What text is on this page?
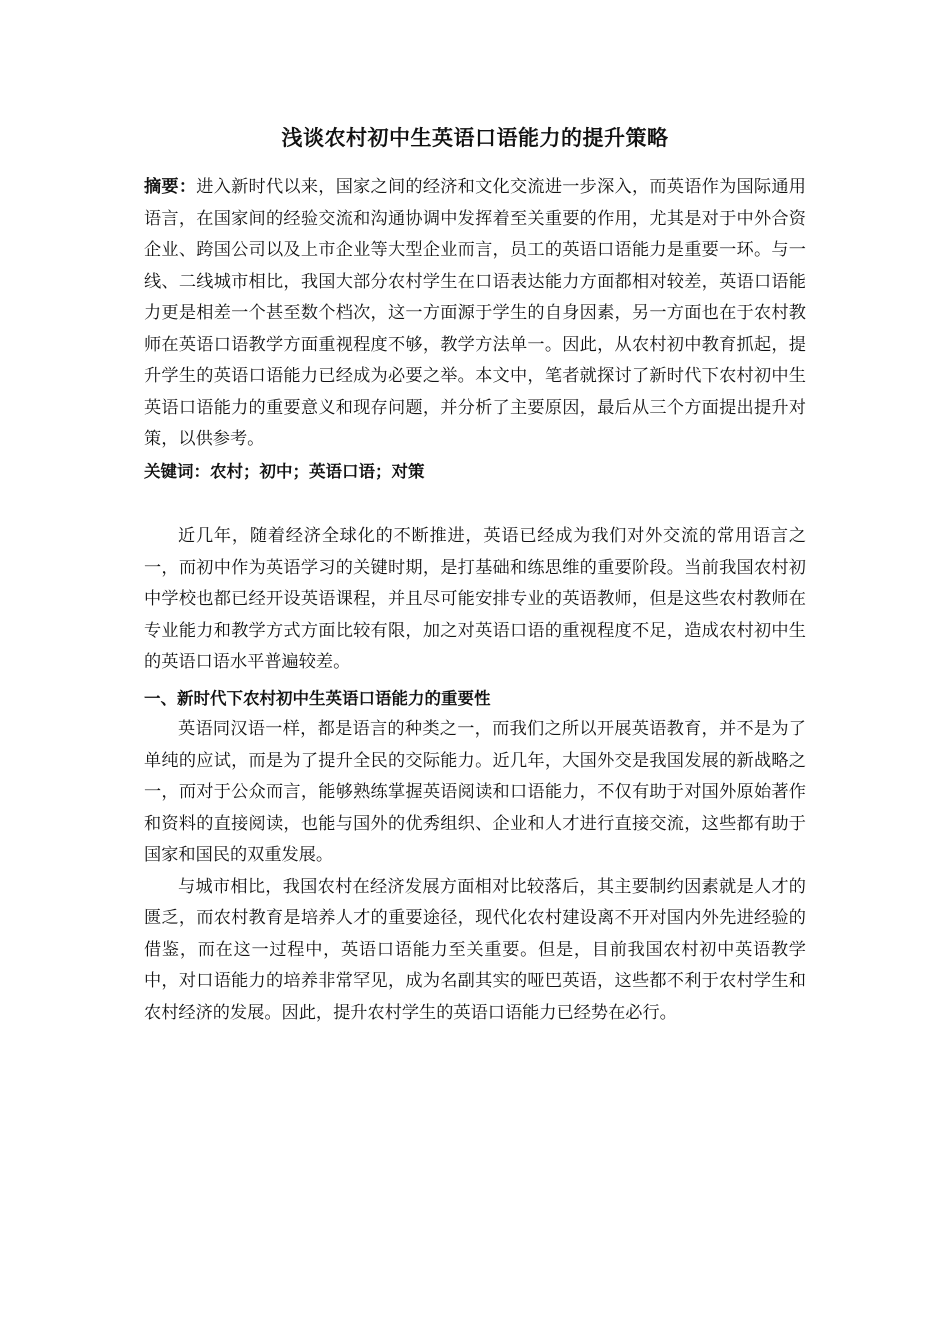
浅谈农村初中生英语口语能力的提升策略

摘要：进入新时代以来，国家之间的经济和文化交流进一步深入，而英语作为国际通用语言，在国家间的经验交流和沟通协调中发挥着至关重要的作用，尤其是对于中外合资企业、跨国公司以及上市企业等大型企业而言，员工的英语口语能力是重要一环。与一线、二线城市相比，我国大部分农村学生在口语表达能力方面都相对较差，英语口语能力更是相差一个甚至数个档次，这一方面源于学生的自身因素，另一方面也在于农村教师在英语口语教学方面重视程度不够，教学方法单一。因此，从农村初中教育抓起，提升学生的英语口语能力已经成为必要之举。本文中，笔者就探讨了新时代下农村初中生英语口语能力的重要意义和现存问题，并分析了主要原因，最后从三个方面提出提升对策，以供参考。

关键词：农村；初中；英语口语；对策

近几年，随着经济全球化的不断推进，英语已经成为我们对外交流的常用语言之一，而初中作为英语学习的关键时期，是打基础和练思维的重要阶段。当前我国农村初中学校也都已经开设英语课程，并且尽可能安排专业的英语教师，但是这些农村教师在专业能力和教学方式方面比较有限，加之对英语口语的重视程度不足，造成农村初中生的英语口语水平普遍较差。

一、新时代下农村初中生英语口语能力的重要性

英语同汉语一样，都是语言的种类之一，而我们之所以开展英语教育，并不是为了单纯的应试，而是为了提升全民的交际能力。近几年，大国外交是我国发展的新战略之一，而对于公众而言，能够熟练掌握英语阅读和口语能力，不仅有助于对国外原始著作和资料的直接阅读，也能与国外的优秀组织、企业和人才进行直接交流，这些都有助于国家和国民的双重发展。

与城市相比，我国农村在经济发展方面相对比较落后，其主要制约因素就是人才的匮乏，而农村教育是培养人才的重要途径，现代化农村建设离不开对国内外先进经验的借鉴，而在这一过程中，英语口语能力至关重要。但是，目前我国农村初中英语教学中，对口语能力的培养非常罕见，成为名副其实的哑巴英语，这些都不利于农村学生和农村经济的发展。因此，提升农村学生的英语口语能力已经势在必行。
